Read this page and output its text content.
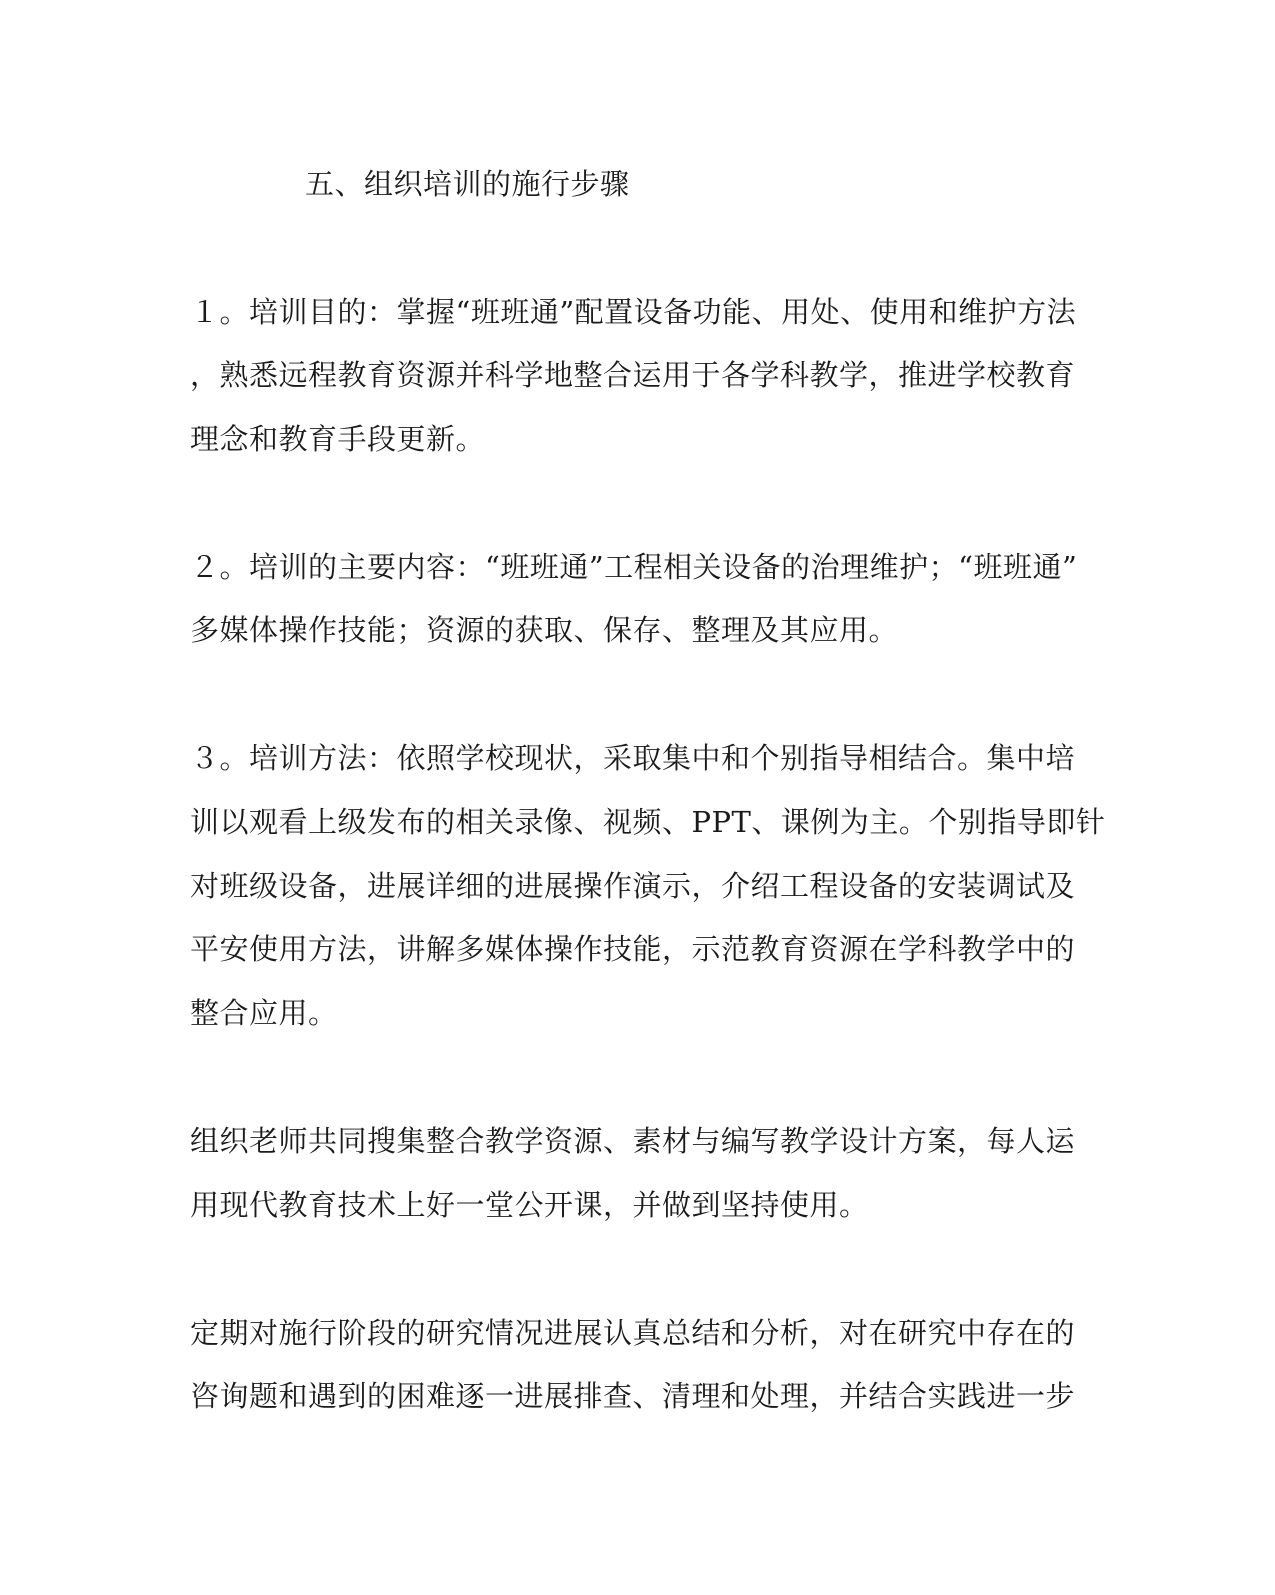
五、组织培训的施行步骤
１。培训目的：掌握“班班通”配置设备功能、用处、使用和维护方法
，熟悉远程教育资源并科学地整合运用于各学科教学，推进学校教育
理念和教育手段更新。
２。培训的主要内容：“班班通”工程相关设备的治理维护；“班班通”
多媒体操作技能；资源的获取、保存、整理及其应用。
３。培训方法：依照学校现状，采取集中和个别指导相结合。集中培
训以观看上级发布的相关录像、视频、PPT、课例为主。个别指导即针
对班级设备，进展详细的进展操作演示，介绍工程设备的安装调试及
平安使用方法，讲解多媒体操作技能，示范教育资源在学科教学中的
整合应用。
组织老师共同搜集整合教学资源、素材与编写教学设计方案，每人运
用现代教育技术上好一堂公开课，并做到坚持使用。
定期对施行阶段的研究情况进展认真总结和分析，对在研究中存在的
咨询题和遇到的困难逐一进展排查、清理和处理，并结合实践进一步
